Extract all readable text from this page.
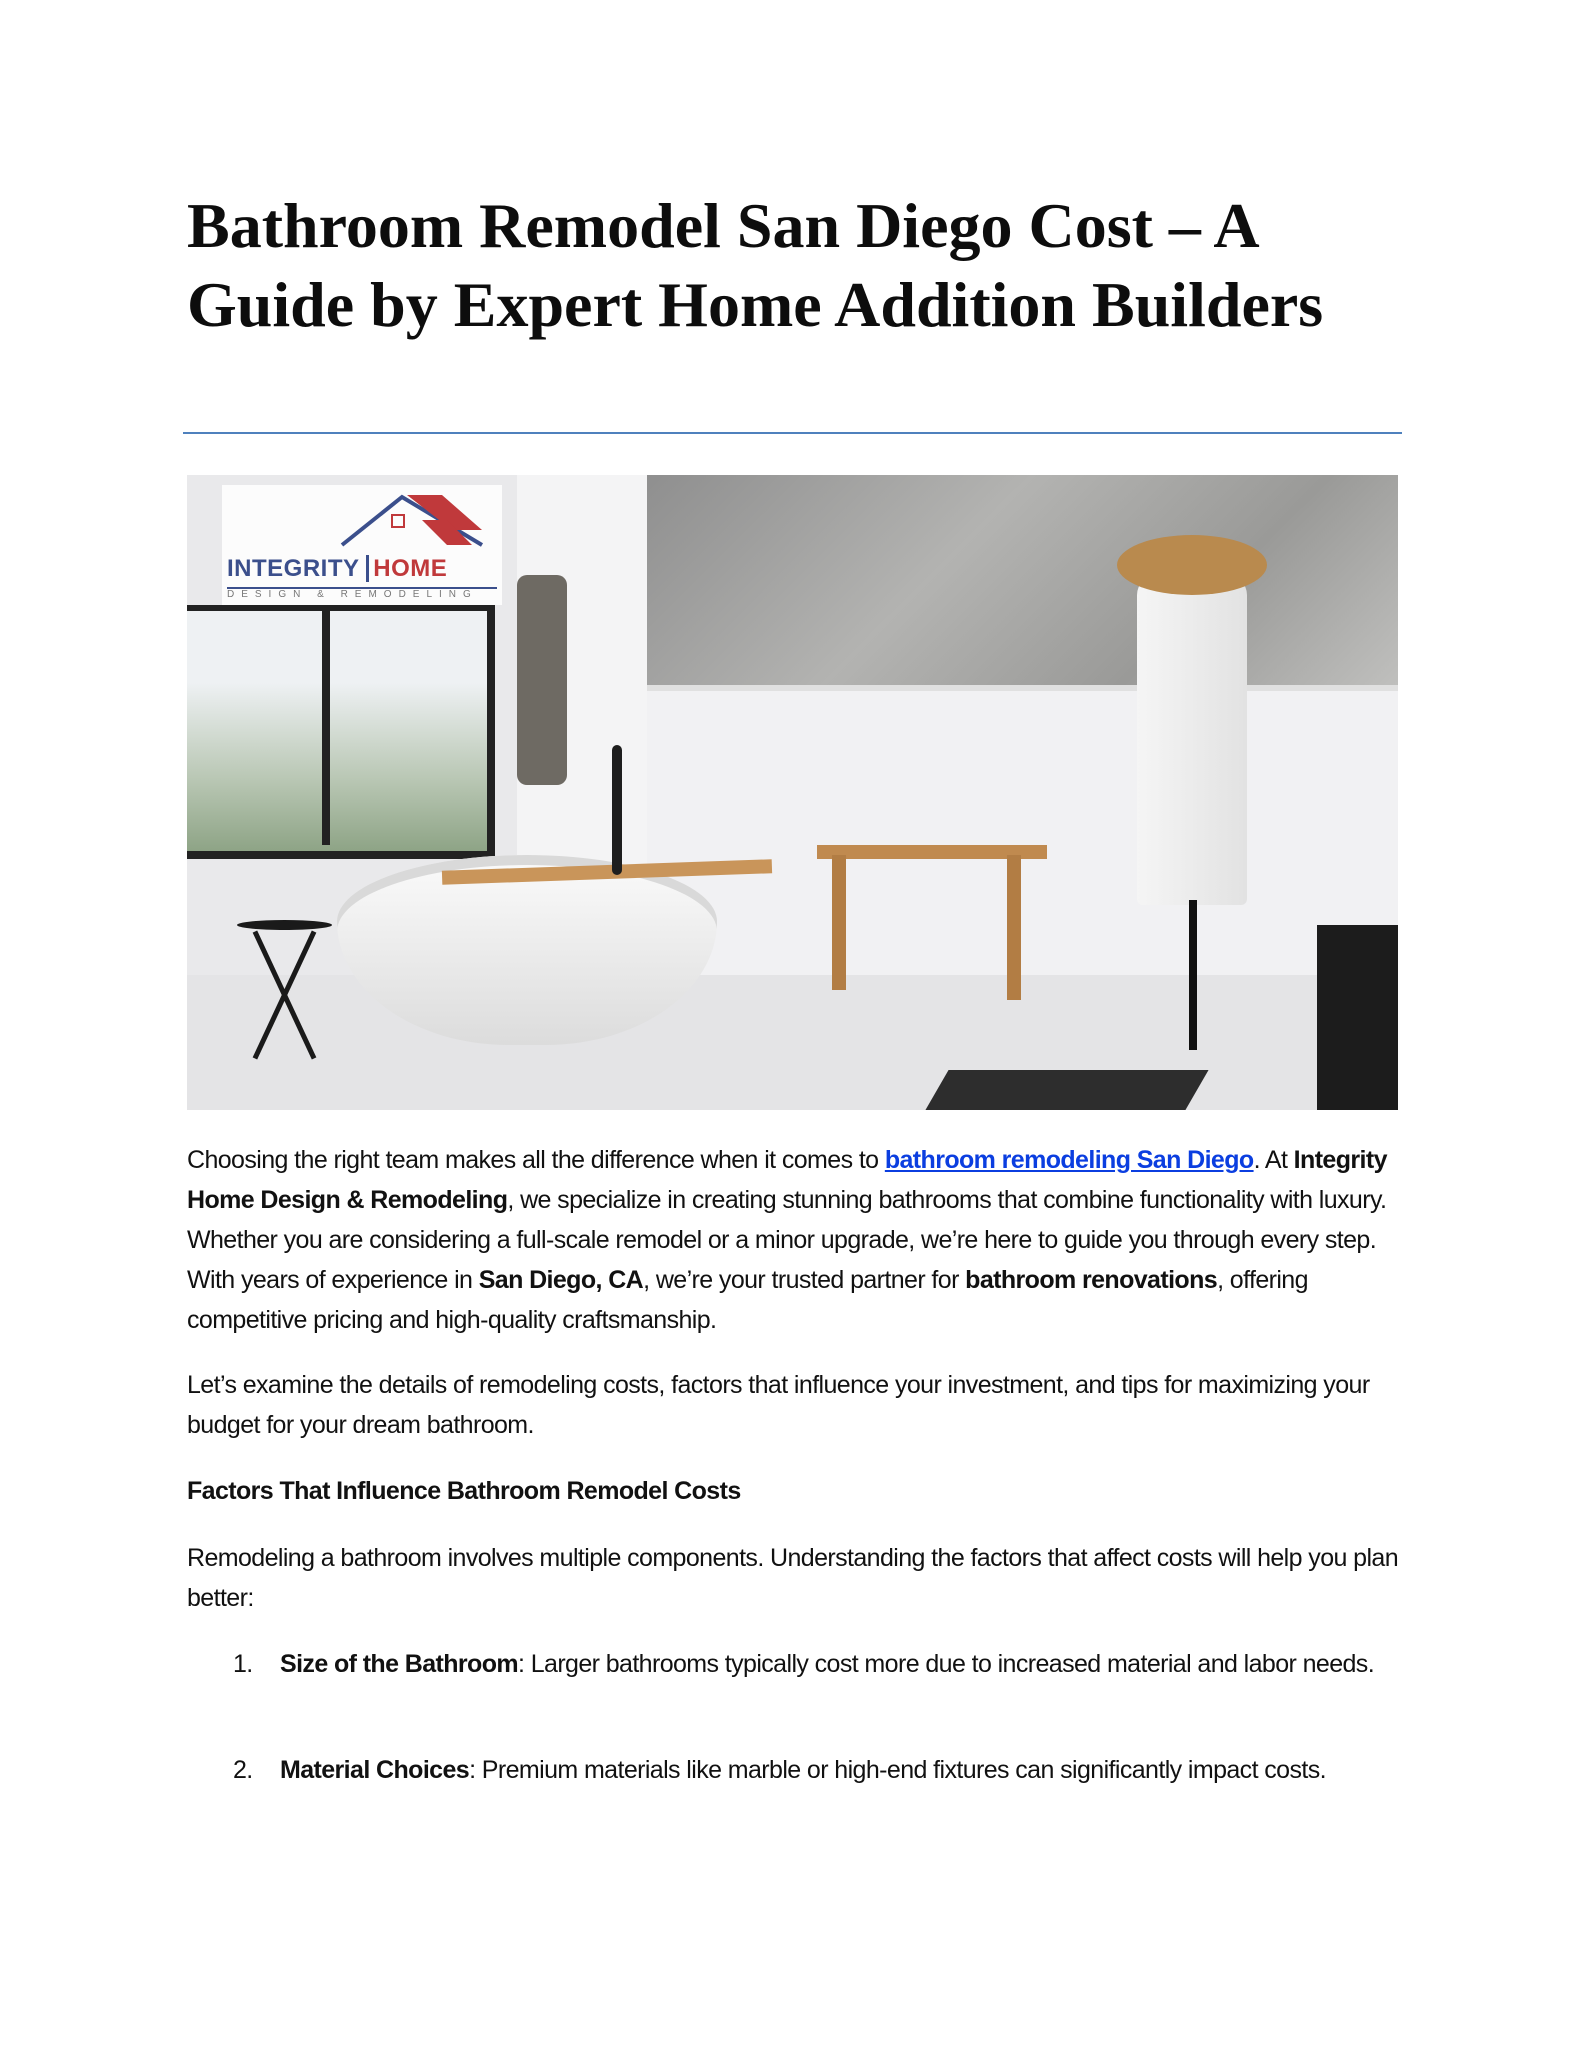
Bathroom Remodel San Diego Cost – A Guide by Expert Home Addition Builders
INTEGRITY HOME
DESIGN & REMODELING

Choosing the right team makes all the difference when it comes to bathroom remodeling San Diego. At Integrity Home Design & Remodeling, we specialize in creating stunning bathrooms that combine functionality with luxury. Whether you are considering a full-scale remodel or a minor upgrade, we’re here to guide you through every step. With years of experience in San Diego, CA, we’re your trusted partner for bathroom renovations, offering competitive pricing and high-quality craftsmanship.

Let’s examine the details of remodeling costs, factors that influence your investment, and tips for maximizing your budget for your dream bathroom.

Factors That Influence Bathroom Remodel Costs

Remodeling a bathroom involves multiple components. Understanding the factors that affect costs will help you plan better:

1. Size of the Bathroom: Larger bathrooms typically cost more due to increased material and labor needs.
2. Material Choices: Premium materials like marble or high-end fixtures can significantly impact costs.
